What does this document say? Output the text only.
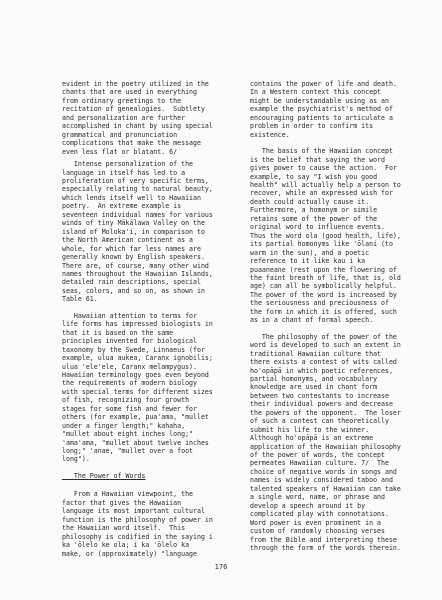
evident in the poetry utilized in the
chants that are used in everything
from ordinary greetings to the
recitation of genealogies.  Subtlety
and personalization are further
accomplished in chant by using special
grammatical and pronunciation
complications that make the message
even less flat or blatant. 6/

Intense personalization of the
language in itself has led to a
proliferation of very specific terms,
especially relating to natural beauty,
which lends itself well to Hawaiian
poetry.  An extreme example is
seventeen individual names for various
winds of tiny Mākālawa Valley on the
island of Moloka'i, in comparison to
the North American continent as a
whole, for which far less names are
generally known by English speakers.
There are, of course, many other wind
names throughout the Hawaiian Islands,
detailed rain descriptions, special
seas, colors, and so on, as shown in
Table 61.

Hawaiian attention to terms for
life forms has impressed biologists in
that it is based on the same
principles invented for biological
taxonomy by the Swede, Linnaeus (for
example, ulua aukea, Caranx ignobilis;
ulua 'ele'ele, Caranx melampygus).
Hawaiian terminology goes even beyond
the requirements of modern biology
with special terms for different sizes
of fish, recognizing four growth
stages for some fish and fewer for
others (for example, pua'ama, "mullet
under a finger length;" kahaha,
"mullet about eight inches long;"
'ama'ama, "mullet about twelve inches
long;" 'anae, "mullet over a foot
long").

The Power of Words

From a Hawaiian viewpoint, the
factor that gives the Hawaiian
language its most important cultural
function is the philosophy of power in
the Hawaiian word itself.  This
philosophy is codified in the saying i
ka 'ōlelo ke ola; i ka 'ōlelo ka
make, or (approximately) "language

contains the power of life and death.
In a Western context this concept
might be understandable using as an
example the psychiatrist's method of
encouraging patients to articulate a
problem in order to confirm its
existence.

The basis of the Hawaiian concept
is the belief that saying the word
gives power to cause the action.  For
example, to say "I wish you good
health" will actually help a person to
recover, while an expressed wish for
death could actually cause it.
Furthermore, a homonym or simile
retains some of the power of the
original word to influence events.
Thus the word ola (good health, life),
its partial homonyms like 'ōlani (to
warm in the sun), and a poetic
reference to it like kau i ka
puaaneane (rest upon the flowering of
the faint breath of life, that is, old
age) can all be symbolically helpful.
The power of the word is increased by
the seriousness and preciousness of
the form in which it is offered, such
as in a chant of formal speech.

The philosophy of the power of the
word is developed to such an extent in
traditional Hawaiian culture that
there exists a contest of wits called
ho'opāpā in which poetic references,
partial homonyms, and vocabulary
knowledge are used in chant form
between two contestants to increase
their individual powers and decrease
the powers of the opponent.  The loser
of such a contest can theoretically
submit his life to the winner.
Although ho'opāpā is an extreme
application of the Hawaiian philosophy
of the power of words, the concept
permeates Hawaiian culture. 7/  The
choice of negative words in songs and
names is widely considered taboo and
talented speakers of Hawaiian can take
a single word, name, or phrase and
develop a speech around it by
complicated play with connotations.
Word power is even prominent in a
custom of randomly choosing verses
from the Bible and interpreting these
through the form of the words therein.

176
